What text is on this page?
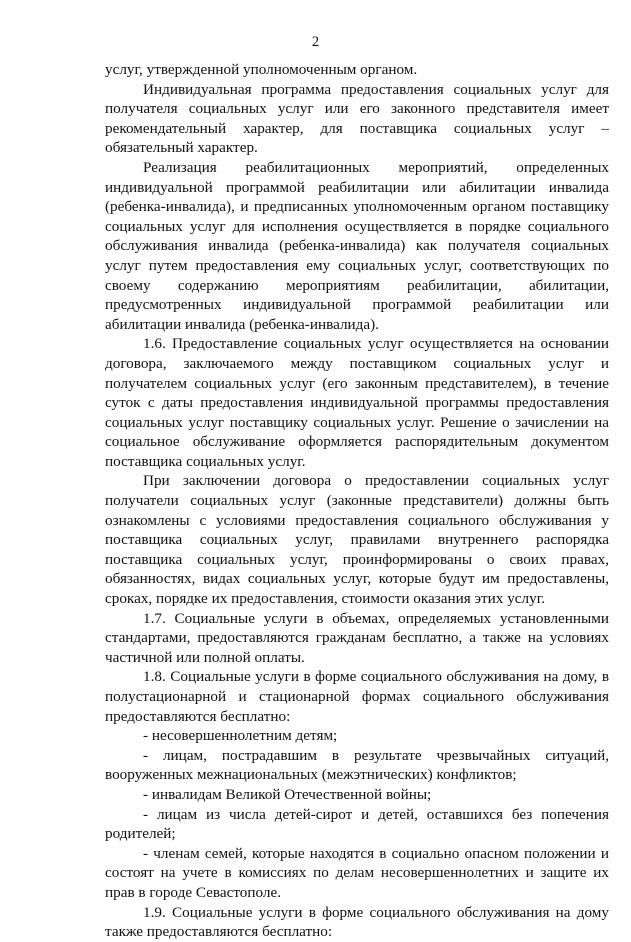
2

услуг, утвержденной уполномоченным органом.

Индивидуальная программа предоставления социальных услуг для получателя социальных услуг или его законного представителя имеет рекомендательный характер, для поставщика социальных услуг – обязательный характер.

Реализация реабилитационных мероприятий, определенных индивидуальной программой реабилитации или абилитации инвалида (ребенка-инвалида), и предписанных уполномоченным органом поставщику социальных услуг для исполнения осуществляется в порядке социального обслуживания инвалида (ребенка-инвалида) как получателя социальных услуг путем предоставления ему социальных услуг, соответствующих по своему содержанию мероприятиям реабилитации, абилитации, предусмотренных индивидуальной программой реабилитации или абилитации инвалида (ребенка-инвалида).

1.6. Предоставление социальных услуг осуществляется на основании договора, заключаемого между поставщиком социальных услуг и получателем социальных услуг (его законным представителем), в течение суток с даты предоставления индивидуальной программы предоставления социальных услуг поставщику социальных услуг. Решение о зачислении на социальное обслуживание оформляется распорядительным документом поставщика социальных услуг.

При заключении договора о предоставлении социальных услуг получатели социальных услуг (законные представители) должны быть ознакомлены с условиями предоставления социального обслуживания у поставщика социальных услуг, правилами внутреннего распорядка поставщика социальных услуг, проинформированы о своих правах, обязанностях, видах социальных услуг, которые будут им предоставлены, сроках, порядке их предоставления, стоимости оказания этих услуг.

1.7. Социальные услуги в объемах, определяемых установленными стандартами, предоставляются гражданам бесплатно, а также на условиях частичной или полной оплаты.

1.8. Социальные услуги в форме социального обслуживания на дому, в полустационарной и стационарной формах социального обслуживания предоставляются бесплатно:

- несовершеннолетним детям;

- лицам, пострадавшим в результате чрезвычайных ситуаций, вооруженных межнациональных (межэтнических) конфликтов;

- инвалидам Великой Отечественной войны;

- лицам из числа детей-сирот и детей, оставшихся без попечения родителей;

- членам семей, которые находятся в социально опасном положении и состоят на учете в комиссиях по делам несовершеннолетних и защите их прав в городе Севастополе.

1.9. Социальные услуги в форме социального обслуживания на дому также предоставляются бесплатно:
